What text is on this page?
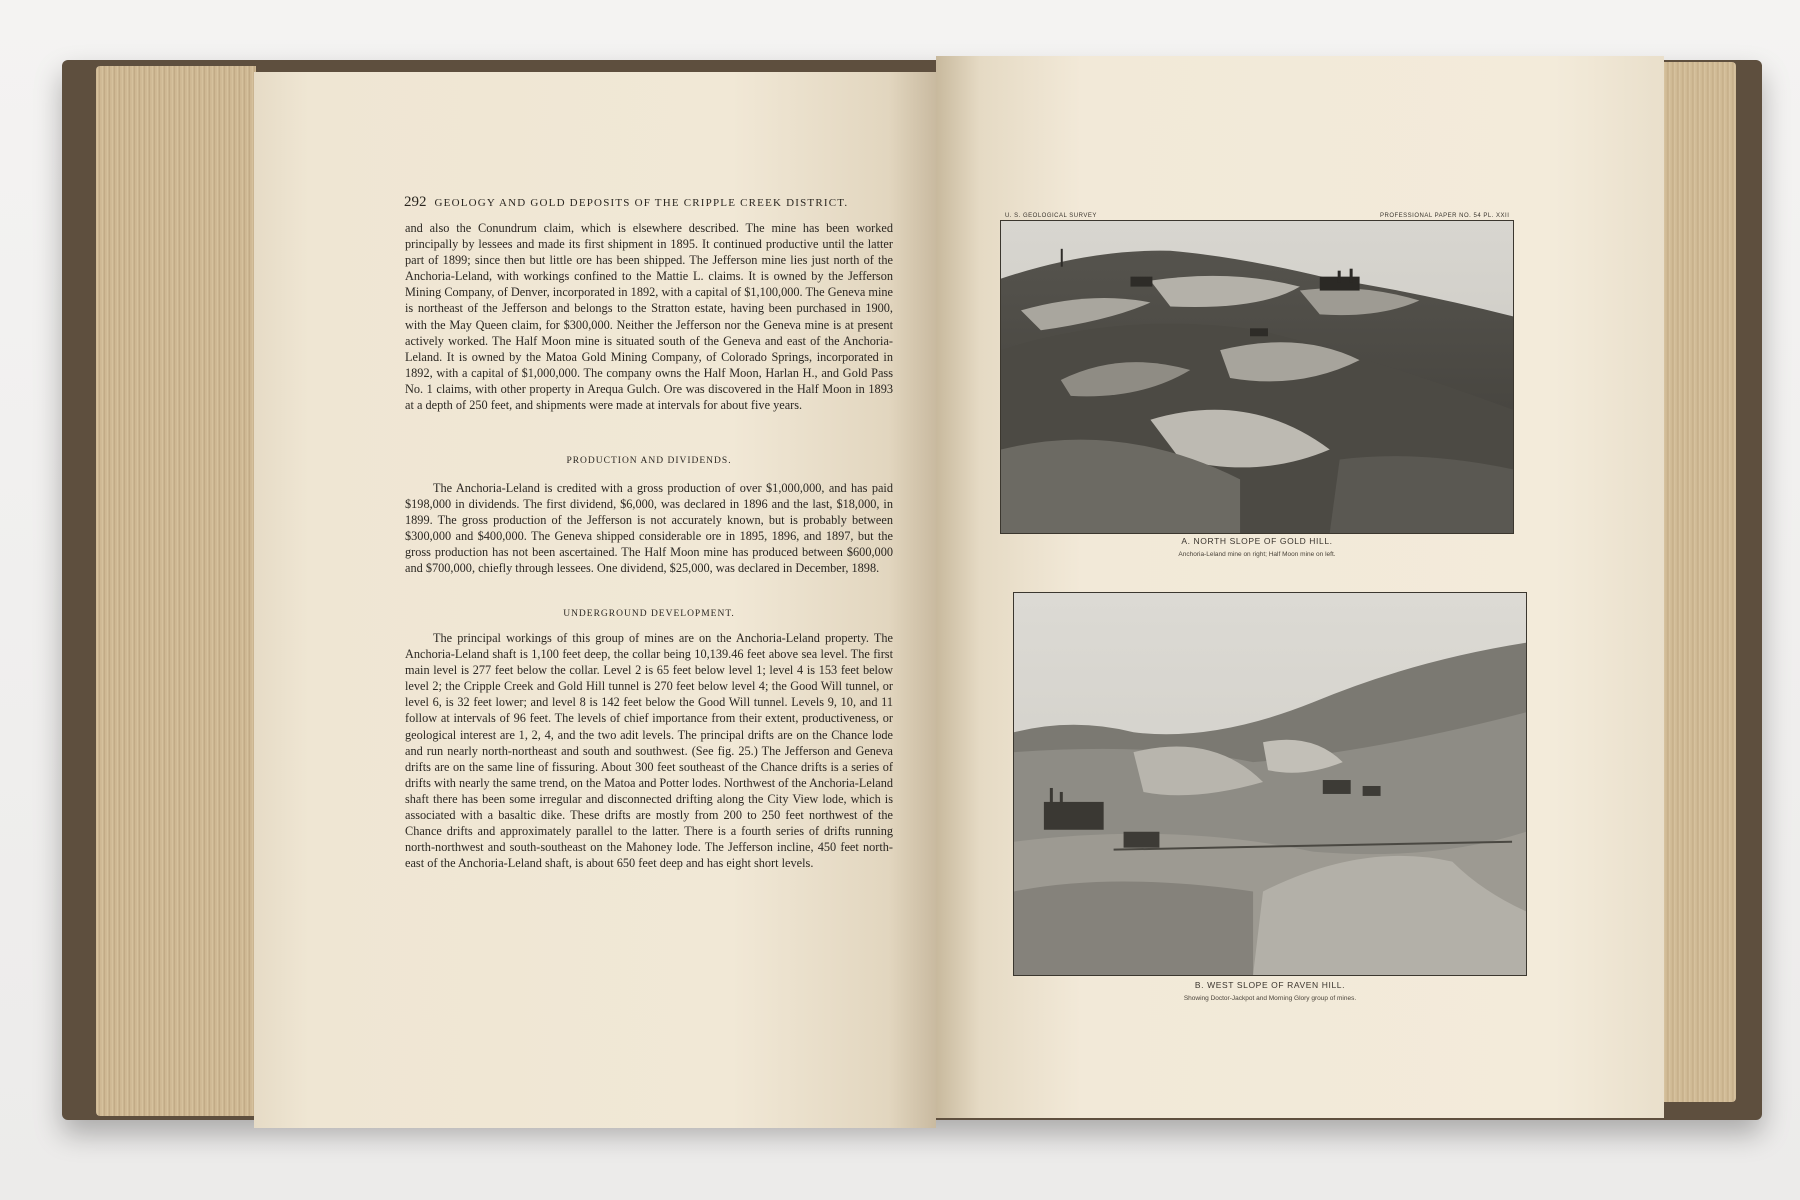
292 GEOLOGY AND GOLD DEPOSITS OF THE CRIPPLE CREEK DISTRICT.

and also the Conundrum claim, which is elsewhere described. The mine has been worked principally by lessees and made its first shipment in 1895. It continued productive until the latter part of 1899; since then but little ore has been shipped. The Jefferson mine lies just north of the Anchoria-Leland, with workings confined to the Mattie L. claims. It is owned by the Jefferson Mining Company, of Denver, incorporated in 1892, with a capital of $1,100,000. The Geneva mine is northeast of the Jefferson and belongs to the Stratton estate, having been purchased in 1900, with the May Queen claim, for $300,000. Neither the Jefferson nor the Geneva mine is at present actively worked. The Half Moon mine is situated south of the Geneva and east of the Anchoria-Leland. It is owned by the Matoa Gold Mining Company, of Colorado Springs, incorporated in 1892, with a capital of $1,000,000. The company owns the Half Moon, Harlan H., and Gold Pass No. 1 claims, with other property in Arequa Gulch. Ore was discovered in the Half Moon in 1893 at a depth of 250 feet, and shipments were made at intervals for about five years.

PRODUCTION AND DIVIDENDS.

The Anchoria-Leland is credited with a gross production of over $1,000,000, and has paid $198,000 in dividends. The first dividend, $6,000, was declared in 1896 and the last, $18,000, in 1899. The gross production of the Jefferson is not accurately known, but is probably between $300,000 and $400,000. The Geneva shipped considerable ore in 1895, 1896, and 1897, but the gross production has not been ascertained. The Half Moon mine has produced between $600,000 and $700,000, chiefly through lessees. One dividend, $25,000, was declared in December, 1898.

UNDERGROUND DEVELOPMENT.

The principal workings of this group of mines are on the Anchoria-Leland property. The Anchoria-Leland shaft is 1,100 feet deep, the collar being 10,139.46 feet above sea level. The first main level is 277 feet below the collar. Level 2 is 65 feet below level 1; level 4 is 153 feet below level 2; the Cripple Creek and Gold Hill tunnel is 270 feet below level 4; the Good Will tunnel, or level 6, is 32 feet lower; and level 8 is 142 feet below the Good Will tunnel. Levels 9, 10, and 11 follow at intervals of 96 feet. The levels of chief importance from their extent, productiveness, or geological interest are 1, 2, 4, and the two adit levels. The principal drifts are on the Chance lode and run nearly north-northeast and south and southwest. (See fig. 25.) The Jefferson and Geneva drifts are on the same line of fissuring. About 300 feet southeast of the Chance drifts is a series of drifts with nearly the same trend, on the Matoa and Potter lodes. Northwest of the Anchoria-Leland shaft there has been some irregular and disconnected drifting along the City View lode, which is associated with a basaltic dike. These drifts are mostly from 200 to 250 feet northwest of the Chance drifts and approximately parallel to the latter. There is a fourth series of drifts running north-northwest and south-southeast on the Mahoney lode. The Jefferson incline, 450 feet north-east of the Anchoria-Leland shaft, is about 650 feet deep and has eight short levels.

U. S. GEOLOGICAL SURVEY	PROFESSIONAL PAPER NO. 54 PL. XXII
A. NORTH SLOPE OF GOLD HILL.
Anchoria-Leland mine on right; Half Moon mine on left.
B. WEST SLOPE OF RAVEN HILL.
Showing Doctor-Jackpot and Morning Glory group of mines.
